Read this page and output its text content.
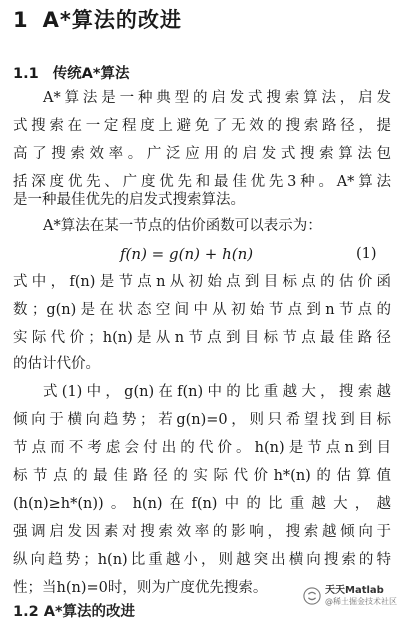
1 A*算法的改进
1.1 传统A*算法
A*算法是一种典型的启发式搜索算法，启发
式搜索在一定程度上避免了无效的搜索路径，提
高了搜索效率。广泛应用的启发式搜索算法包
括深度优先、广度优先和最佳优先3种。A*算法
是一种最佳优先的启发式搜索算法。
A*算法在某一节点的估价函数可以表示为：
f(n) = g(n) + h(n)	(1)
式中，f(n)是节点n从初始点到目标点的估价函
数；g(n)是在状态空间中从初始节点到n节点的
实际代价；h(n)是从n节点到目标节点最佳路径
的估计代价。
式(1)中，g(n)在f(n)中的比重越大，搜索越
倾向于横向趋势；若g(n)=0，则只希望找到目标
节点而不考虑会付出的代价。h(n)是节点n到目
标节点的最佳路径的实际代价h*(n)的估算值
(h(n)≥h*(n))。h(n)在f(n)中的比重越大，越
强调启发因素对搜索效率的影响，搜索越倾向于
纵向趋势；h(n)比重越小，则越突出横向搜索的特
性；当h(n)=0时，则为广度优先搜索。
1.2 A*算法的改进
天天Matlab
@稀土掘金技术社区
